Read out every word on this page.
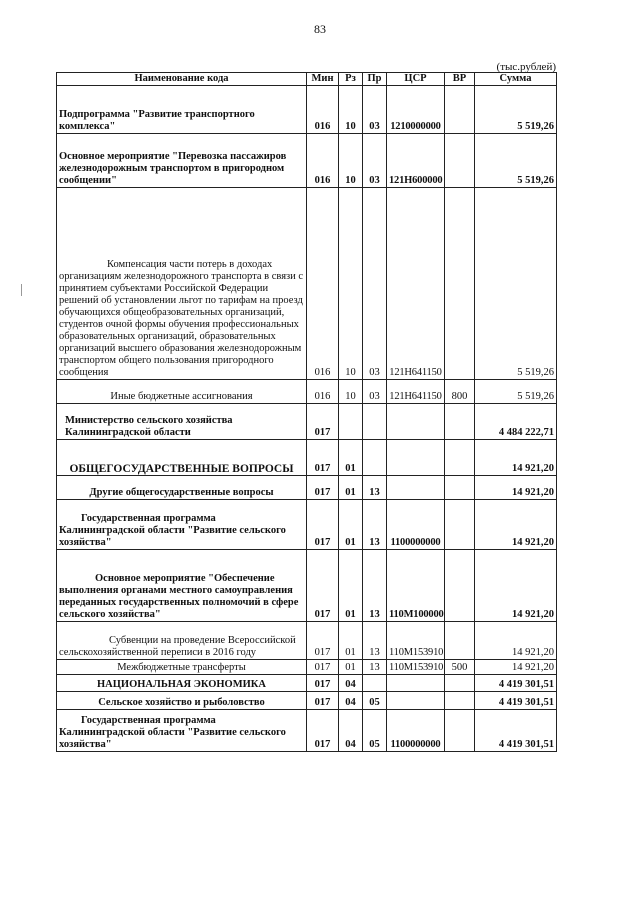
83
(тыс.рублей)
Наименование кода	Мин	Рз	Пр	ЦСР	ВР	Сумма
Подпрограмма "Развитие транспортного комплекса"	016	10	03	1210000000		5 519,26
Основное мероприятие "Перевозка пассажиров железнодорожным транспортом в пригородном сообщении"	016	10	03	121Н600000		5 519,26
Компенсация части потерь в доходах организациям железнодорожного транспорта в связи с принятием субъектами Российской Федерации решений об установлении льгот по тарифам на проезд обучающихся общеобразовательных организаций, студентов очной формы обучения профессиональных образовательных организаций, образовательных организаций высшего образования железнодорожным транспортом общего пользования пригородного сообщения	016	10	03	121Н641150		5 519,26
Иные бюджетные ассигнования	016	10	03	121Н641150	800	5 519,26
Министерство сельского хозяйства Калининградской области	017					4 484 222,71
ОБЩЕГОСУДАРСТВЕННЫЕ ВОПРОСЫ	017	01				14 921,20
Другие общегосударственные вопросы	017	01	13			14 921,20
Государственная программа Калининградской области "Развитие сельского хозяйства"	017	01	13	1100000000		14 921,20
Основное мероприятие "Обеспечение выполнения органами местного самоуправления переданных государственных полномочий в сфере сельского хозяйства"	017	01	13	110М100000		14 921,20
Субвенции на проведение Всероссийской сельскохозяйственной переписи в 2016 году	017	01	13	110М153910		14 921,20
Межбюджетные трансферты	017	01	13	110М153910	500	14 921,20
НАЦИОНАЛЬНАЯ ЭКОНОМИКА	017	04				4 419 301,51
Сельское хозяйство и рыболовство	017	04	05			4 419 301,51
Государственная программа Калининградской области "Развитие сельского хозяйства"	017	04	05	1100000000		4 419 301,51
